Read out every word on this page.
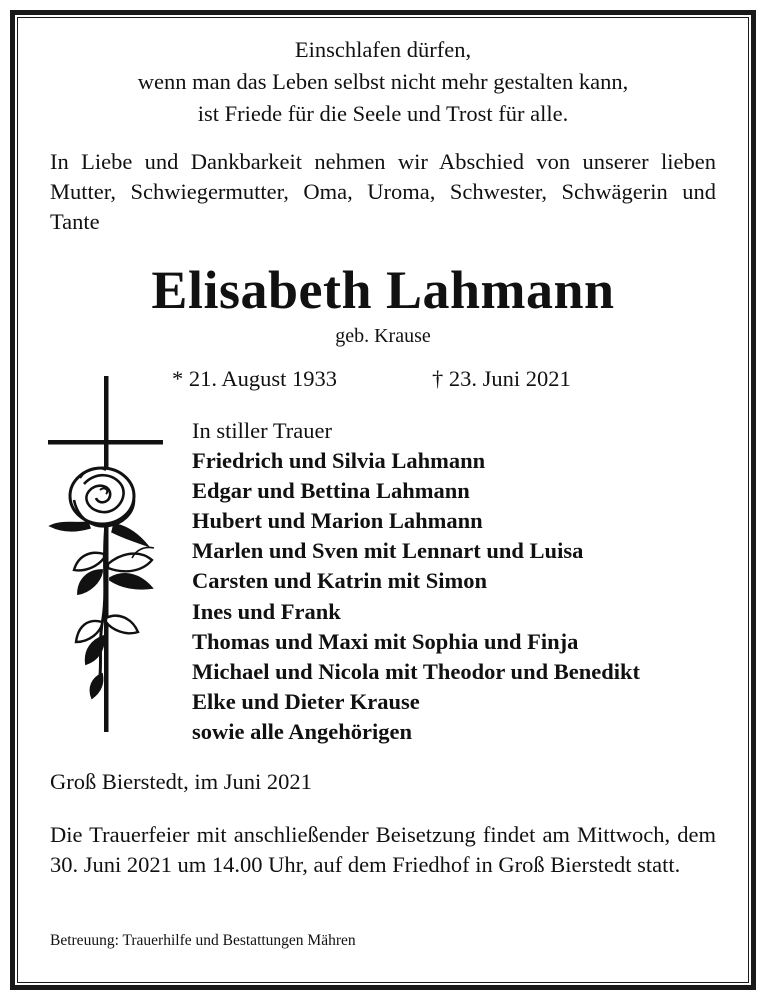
Einschlafen dürfen,
wenn man das Leben selbst nicht mehr gestalten kann,
ist Friede für die Seele und Trost für alle.
In Liebe und Dankbarkeit nehmen wir Abschied von unserer lieben Mutter, Schwiegermutter, Oma, Uroma, Schwester, Schwägerin und Tante
Elisabeth Lahmann
geb. Krause
* 21. August 1933	† 23. Juni 2021
In stiller Trauer
Friedrich und Silvia Lahmann
Edgar und Bettina Lahmann
Hubert und Marion Lahmann
Marlen und Sven mit Lennart und Luisa
Carsten und Katrin mit Simon
Ines und Frank
Thomas und Maxi mit Sophia und Finja
Michael und Nicola mit Theodor und Benedikt
Elke und Dieter Krause
sowie alle Angehörigen
Groß Bierstedt, im Juni 2021
Die Trauerfeier mit anschließender Beisetzung findet am Mittwoch, dem 30. Juni 2021 um 14.00 Uhr, auf dem Friedhof in Groß Bierstedt statt.
Betreuung: Trauerhilfe und Bestattungen Mähren
